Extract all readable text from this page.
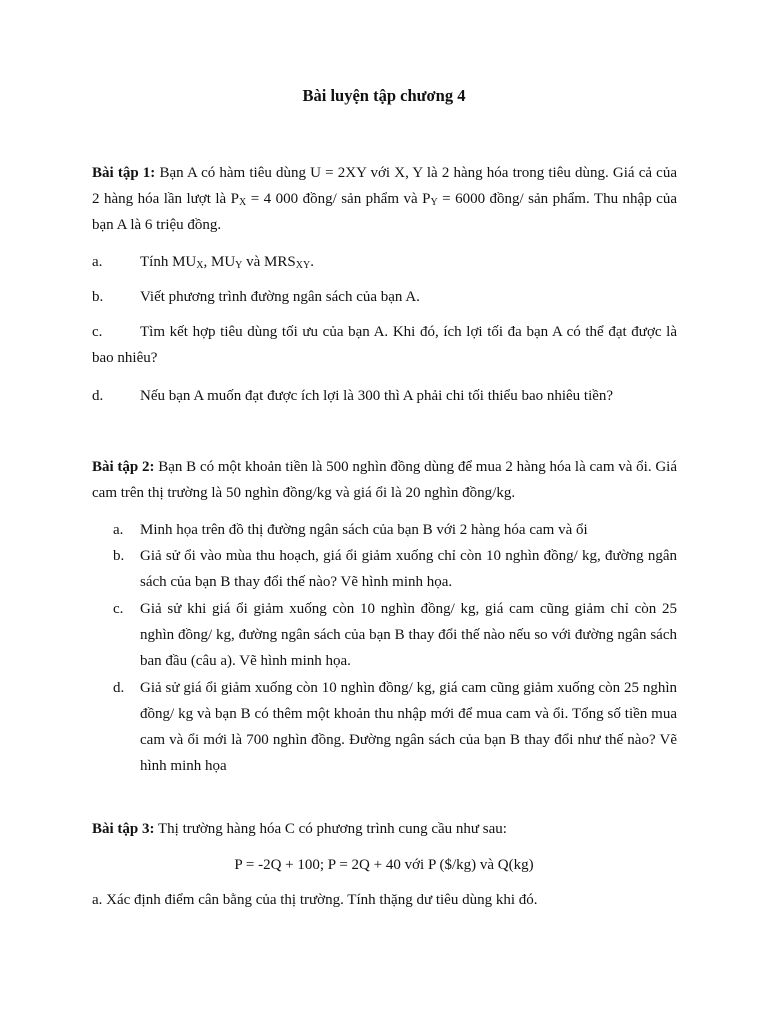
Bài luyện tập chương 4
Bài tập 1: Bạn A có hàm tiêu dùng U = 2XY với X, Y là 2 hàng hóa trong tiêu dùng. Giá cả của 2 hàng hóa lần lượt là $P_X = 4$ 000 đồng/ sản phẩm và $P_Y = 6000$ đồng/ sản phẩm. Thu nhập của bạn A là 6 triệu đồng.
a.	Tính $MU_X$, $MU_Y$ và $MRS_{XY}$.
b. Viết phương trình đường ngân sách của bạn A.
c.	Tìm kết hợp tiêu dùng tối ưu của bạn A. Khi đó, ích lợi tối đa bạn A có thể đạt được là bao nhiêu?
d. Nếu bạn A muốn đạt được ích lợi là 300 thì A phải chi tối thiểu bao nhiêu tiền?
Bài tập 2: Bạn B có một khoản tiền là 500 nghìn đồng dùng để mua 2 hàng hóa là cam và ổi. Giá cam trên thị trường là 50 nghìn đồng/kg và giá ổi là 20 nghìn đồng/kg.
a. Minh họa trên đồ thị đường ngân sách của bạn B với 2 hàng hóa cam và ổi
b. Giả sử ổi vào mùa thu hoạch, giá ổi giảm xuống chỉ còn 10 nghìn đồng/ kg, đường ngân sách của bạn B thay đổi thế nào? Vẽ hình minh họa.
c. Giả sử khi giá ổi giảm xuống còn 10 nghìn đồng/ kg, giá cam cũng giảm chỉ còn 25 nghìn đồng/ kg, đường ngân sách của bạn B thay đổi thế nào nếu so với đường ngân sách ban đầu (câu a). Vẽ hình minh họa.
d. Giả sử giá ổi giảm xuống còn 10 nghìn đồng/ kg, giá cam cũng giảm xuống còn 25 nghìn đồng/ kg và bạn B có thêm một khoản thu nhập mới để mua cam và ổi. Tổng số tiền mua cam và ổi mới là 700 nghìn đồng. Đường ngân sách của bạn B thay đổi như thế nào? Vẽ hình minh họa
Bài tập 3: Thị trường hàng hóa C có phương trình cung cầu như sau:
P = -2Q + 100; P = 2Q + 40 với P ($/kg) và Q(kg)
a. Xác định điểm cân bằng của thị trường. Tính thặng dư tiêu dùng khi đó.
